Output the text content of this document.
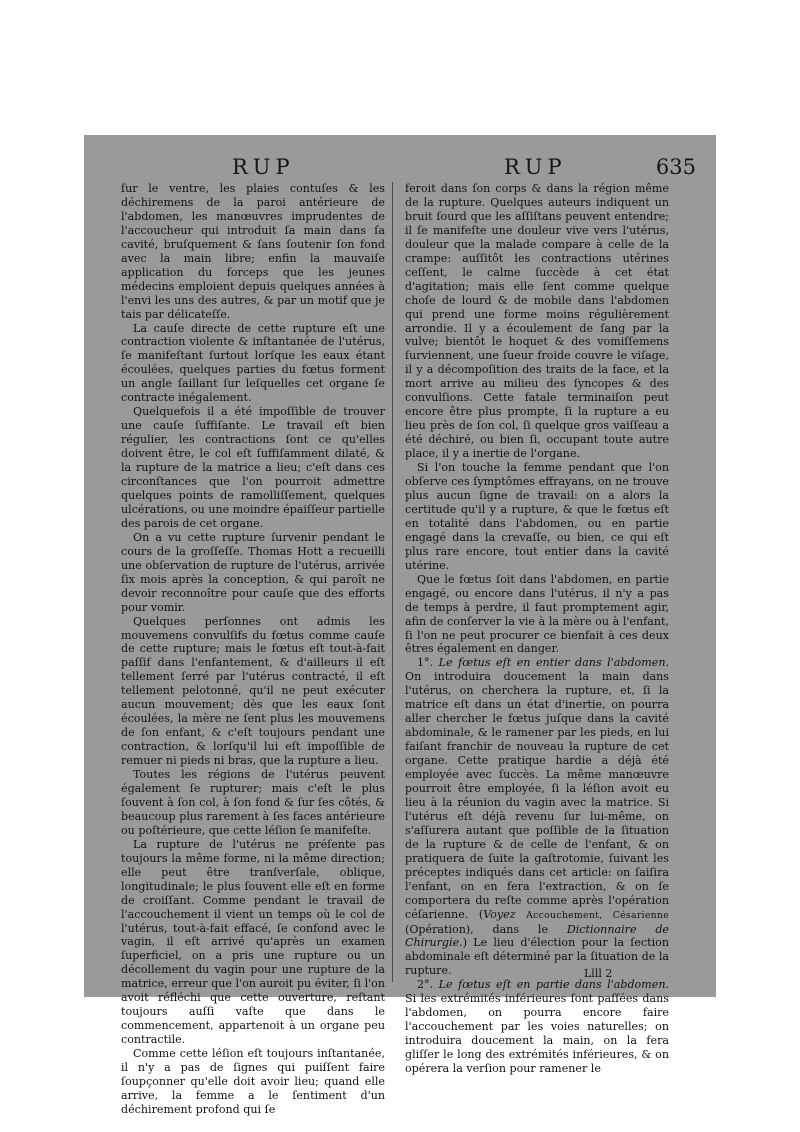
RUP	RUP	635

ſur le ventre, les plaies contuſes & les déchiremens de la paroi antérieure de l'abdomen, les manœuvres imprudentes de l'accoucheur qui introduit ſa main dans ſa cavité, bruſquement & ſans ſoutenir ſon fond avec la main libre; enfin la mauvaiſe application du forceps que les jeunes médecins emploient depuis quelques années à l'envi les uns des autres, & par un motif que je tais par délicateſſe.

La cauſe directe de cette rupture eſt une contraction violente & inſtantanée de l'utérus, ſe manifeſtant ſurtout lorſque les eaux étant écoulées, quelques parties du fœtus forment un angle ſaillant ſur leſquelles cet organe ſe contracte inégalement.

Quelquefois il a été impoſſible de trouver une cauſe ſuffiſante. Le travail eſt bien régulier, les contractions ſont ce qu'elles doivent être, le col eſt ſuffiſamment dilaté, & la rupture de la matrice a lieu; c'eſt dans ces circonſtances que l'on pourroit admettre quelques points de ramolliſſement, quelques ulcérations, ou une moindre épaiſſeur partielle des parois de cet organe.

On a vu cette rupture ſurvenir pendant le cours de la groſſeſſe. Thomas Hott a recueilli une obſervation de rupture de l'utérus, arrivée ſix mois après la conception, & qui paroît ne devoir reconnoître pour cauſe que des efforts pour vomir.

Quelques perſonnes ont admis les mouvemens convulſifs du fœtus comme cauſe de cette rupture; mais le fœtus eſt tout-à-fait paſſif dans l'enfantement, & d'ailleurs il eſt tellement ſerré par l'utérus contracté, il eſt tellement pelotonné, qu'il ne peut exécuter aucun mouvement; dès que les eaux ſont écoulées, la mère ne ſent plus les mouvemens de ſon enfant, & c'eſt toujours pendant une contraction, & lorſqu'il lui eſt impoſſible de remuer ni pieds ni bras, que la rupture a lieu.

Toutes les régions de l'utérus peuvent également ſe rupturer; mais c'eſt le plus ſouvent à ſon col, à ſon fond & ſur ſes côtés, & beaucoup plus rarement à ſes faces antérieure ou poſtérieure, que cette léſion ſe manifeſte.

La rupture de l'utérus ne préſente pas toujours la même forme, ni la même direction; elle peut être tranſverſale, oblique, longitudinale; le plus ſouvent elle eſt en forme de croiſſant. Comme pendant le travail de l'accouchement il vient un temps où le col de l'utérus, tout-à-fait effacé, ſe confond avec le vagin, il eſt arrivé qu'après un examen ſuperficiel, on a pris une rupture ou un décollement du vagin pour une rupture de la matrice, erreur que l'on auroit pu éviter, ſi l'on avoit réfléchi que cette ouverture, reſtant toujours auſſi vaſte que dans le commencement, appartenoit à un organe peu contractile.

Comme cette léſion eſt toujours inſtantanée, il n'y a pas de ſignes qui puiſſent faire ſoupçonner qu'elle doit avoir lieu; quand elle arrive, la femme a le ſentiment d'un déchirement profond qui ſe

feroit dans ſon corps & dans la région même de la rupture. Quelques auteurs indiquent un bruit ſourd que les aſſiſtans peuvent entendre; il ſe manifeſte une douleur vive vers l'utérus, douleur que la malade compare à celle de la crampe: auſſitôt les contractions utérines ceſſent, le calme ſuccède à cet état d'agitation; mais elle ſent comme quelque choſe de lourd & de mobile dans l'abdomen qui prend une forme moins régulièrement arrondie. Il y a écoulement de ſang par la vulve; bientôt le hoquet & des vomiſſemens ſurviennent, une ſueur froide couvre le viſage, il y a décompoſition des traits de la face, et la mort arrive au milieu des ſyncopes & des convulſions. Cette fatale terminaiſon peut encore être plus prompte, ſi la rupture a eu lieu près de ſon col, ſi quelque gros vaiſſeau a été déchiré, ou bien ſi, occupant toute autre place, il y a inertie de l'organe.

Si l'on touche la femme pendant que l'on obſerve ces ſymptômes effrayans, on ne trouve plus aucun ſigne de travail: on a alors la certitude qu'il y a rupture, & que le fœtus eſt en totalité dans l'abdomen, ou en partie engagé dans la crevaſſe, ou bien, ce qui eſt plus rare encore, tout entier dans la cavité utérine.

Que le fœtus ſoit dans l'abdomen, en partie engagé, ou encore dans l'utérus, il n'y a pas de temps à perdre, il faut promptement agir, afin de conſerver la vie à la mère ou à l'enfant, ſi l'on ne peut procurer ce bienfait à ces deux êtres également en danger.

1°. Le fœtus eſt en entier dans l'abdomen. On introduira doucement la main dans l'utérus, on cherchera la rupture, et, ſi la matrice eſt dans un état d'inertie, on pourra aller chercher le fœtus juſque dans la cavité abdominale, & le ramener par les pieds, en lui faiſant franchir de nouveau la rupture de cet organe. Cette pratique hardie a déjà été employée avec ſuccès. La même manœuvre pourroit être employée, ſi la léſion avoit eu lieu à la réunion du vagin avec la matrice. Si l'utérus eſt déjà revenu ſur lui-même, on s'aſſurera autant que poſſible de la ſituation de la rupture & de celle de l'enfant, & on pratiquera de ſuite la gaſtrotomie, ſuivant les préceptes indiqués dans cet article: on ſaiſira l'enfant, on en fera l'extraction, & on ſe comportera du reſte comme après l'opération céſarienne. (Voyez Accouchement, Césarienne (Opération), dans le Dictionnaire de Chirurgie.) Le lieu d'élection pour la ſection abdominale eſt déterminé par la ſituation de la rupture.

2°. Le fœtus eſt en partie dans l'abdomen. Si les extrémités inférieures ſont paſſées dans l'abdomen, on pourra encore faire l'accouchement par les voies naturelles; on introduira doucement la main, on la fera gliſſer le long des extrémités inférieures, & on opérera la verſion pour ramener le

Llll 2
